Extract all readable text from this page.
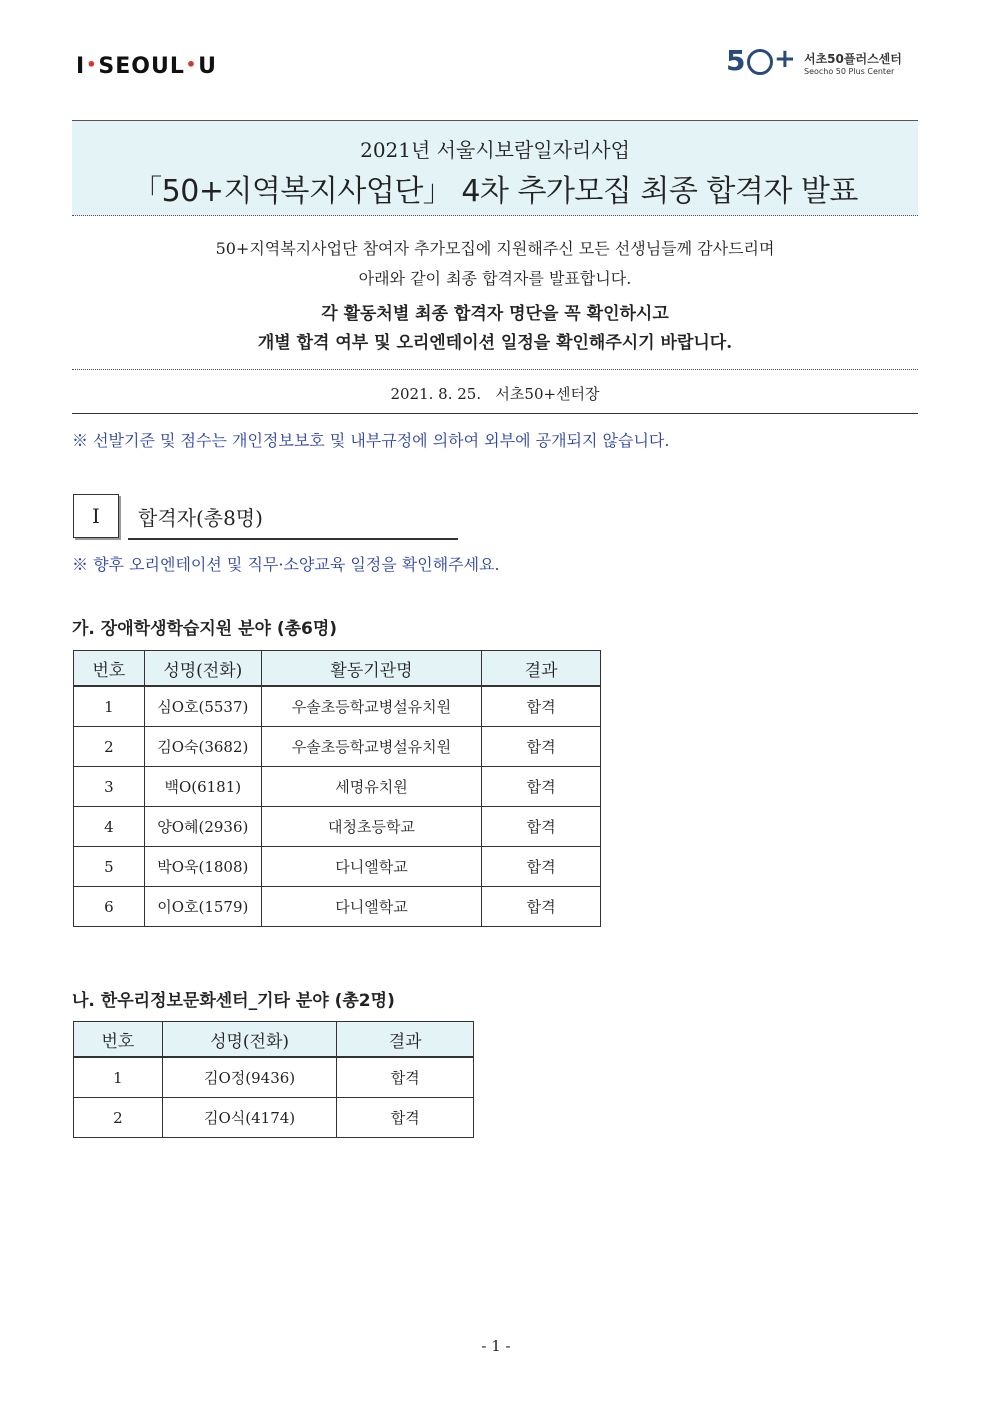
I•SEOUL•U	5 + 서초50플러스센터
Seocho 50 Plus Center
2021년 서울시보람일자리사업
「50+지역복지사업단」 4차 추가모집 최종 합격자 발표
50+지역복지사업단 참여자 추가모집에 지원해주신 모든 선생님들께 감사드리며
아래와 같이 최종 합격자를 발표합니다.
각 활동처별 최종 합격자 명단을 꼭 확인하시고
개별 합격 여부 및 오리엔테이션 일정을 확인해주시기 바랍니다.
2021. 8. 25.   서초50+센터장
※ 선발기준 및 점수는 개인정보보호 및 내부규정에 의하여 외부에 공개되지 않습니다.
I	합격자(총8명)
※ 향후 오리엔테이션 및 직무·소양교육 일정을 확인해주세요.
가. 장애학생학습지원 분야 (총6명)
번호	성명(전화)	활동기관명	결과
1	심O호(5537)	우솔초등학교병설유치원	합격
2	김O숙(3682)	우솔초등학교병설유치원	합격
3	백O(6181)	세명유치원	합격
4	양O혜(2936)	대청초등학교	합격
5	박O욱(1808)	다니엘학교	합격
6	이O호(1579)	다니엘학교	합격
나. 한우리정보문화센터_기타 분야 (총2명)
번호	성명(전화)	결과
1	김O정(9436)	합격
2	김O식(4174)	합격
- 1 -
